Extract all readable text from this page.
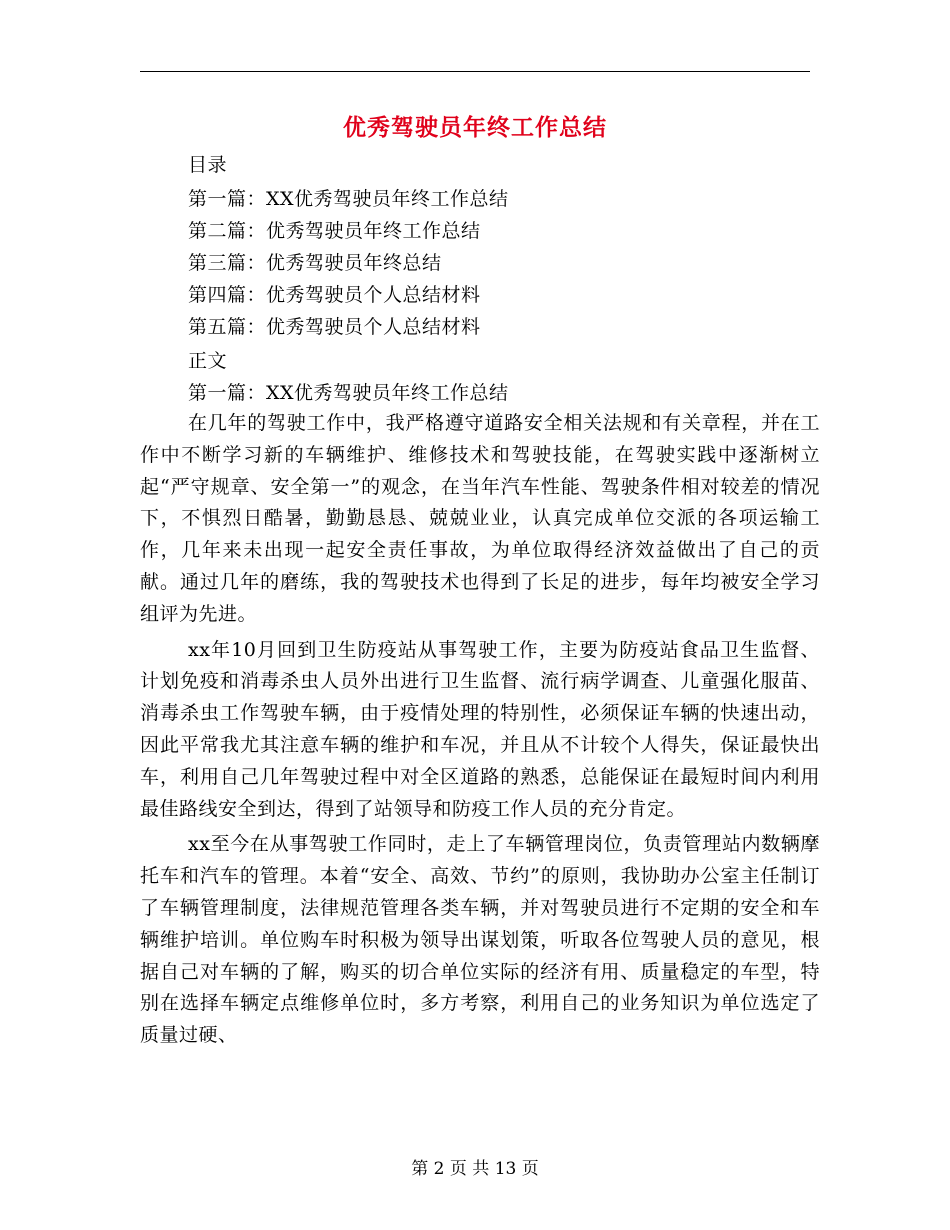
优秀驾驶员年终工作总结
目录
第一篇：XX优秀驾驶员年终工作总结
第二篇：优秀驾驶员年终工作总结
第三篇：优秀驾驶员年终总结
第四篇：优秀驾驶员个人总结材料
第五篇：优秀驾驶员个人总结材料
正文
第一篇：XX优秀驾驶员年终工作总结

在几年的驾驶工作中，我严格遵守道路安全相关法规和有关章程，并在工作中不断学习新的车辆维护、维修技术和驾驶技能，在驾驶实践中逐渐树立起“严守规章、安全第一”的观念，在当年汽车性能、驾驶条件相对较差的情况下，不惧烈日酷暑，勤勤恳恳、兢兢业业，认真完成单位交派的各项运输工作，几年来未出现一起安全责任事故，为单位取得经济效益做出了自己的贡献。通过几年的磨练，我的驾驶技术也得到了长足的进步，每年均被安全学习组评为先进。

xx年10月回到卫生防疫站从事驾驶工作，主要为防疫站食品卫生监督、计划免疫和消毒杀虫人员外出进行卫生监督、流行病学调查、儿童强化服苗、消毒杀虫工作驾驶车辆，由于疫情处理的特别性，必须保证车辆的快速出动，因此平常我尤其注意车辆的维护和车况，并且从不计较个人得失，保证最快出车，利用自己几年驾驶过程中对全区道路的熟悉，总能保证在最短时间内利用最佳路线安全到达，得到了站领导和防疫工作人员的充分肯定。

xx至今在从事驾驶工作同时，走上了车辆管理岗位，负责管理站内数辆摩托车和汽车的管理。本着“安全、高效、节约”的原则，我协助办公室主任制订了车辆管理制度，法律规范管理各类车辆，并对驾驶员进行不定期的安全和车辆维护培训。单位购车时积极为领导出谋划策，听取各位驾驶人员的意见，根据自己对车辆的了解，购买的切合单位实际的经济有用、质量稳定的车型，特别在选择车辆定点维修单位时，多方考察，利用自己的业务知识为单位选定了质量过硬、

第 2 页 共 13 页
